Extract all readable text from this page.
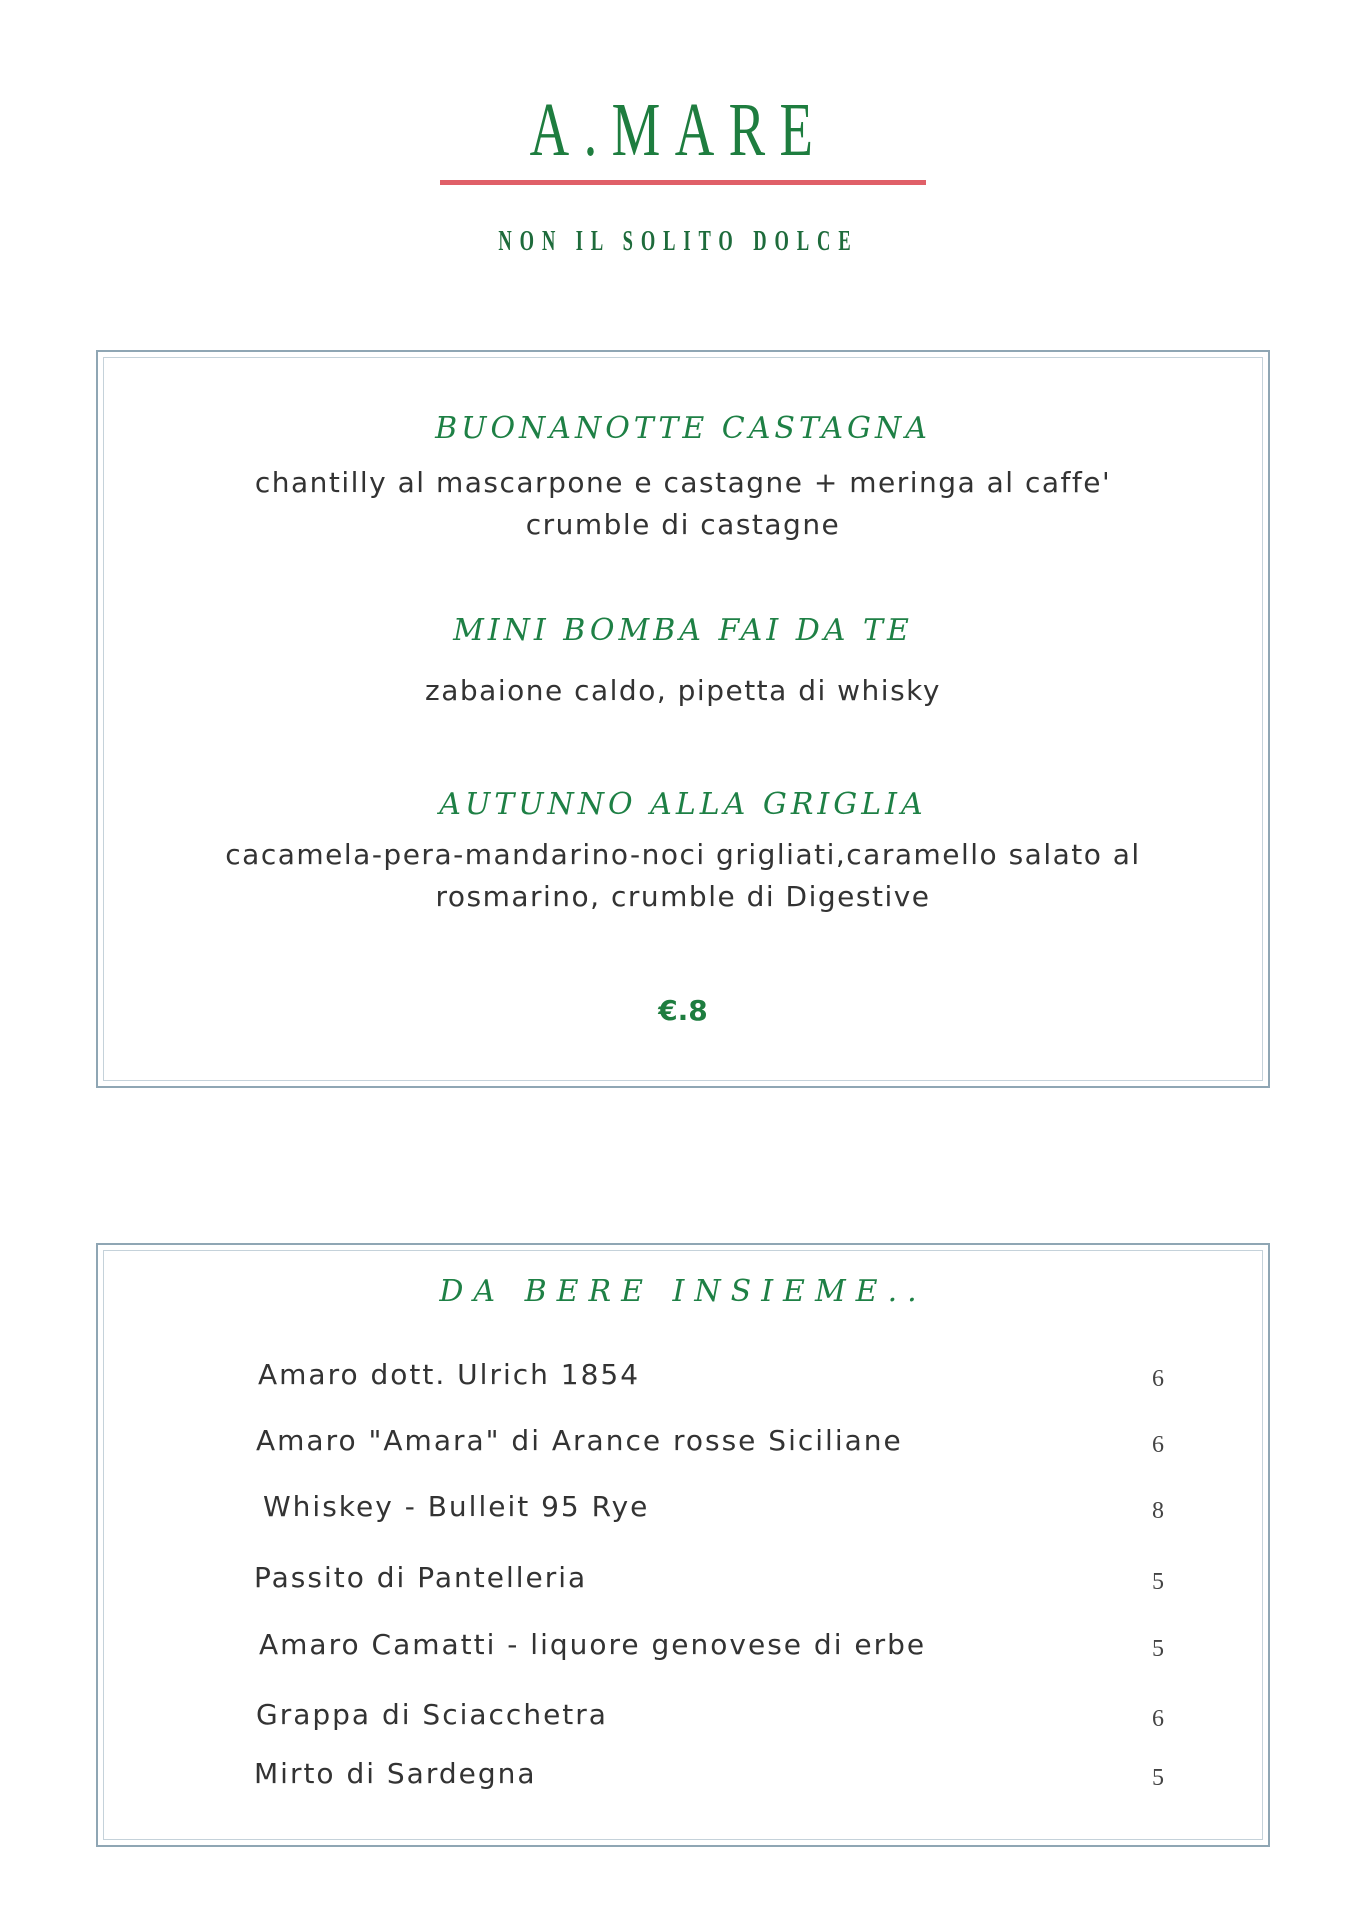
A.MARE
NON IL SOLITO DOLCE
BUONANOTTE CASTAGNA
chantilly al mascarpone e castagne + meringa al caffe'
crumble di castagne
MINI BOMBA FAI DA TE
zabaione caldo, pipetta di whisky
AUTUNNO ALLA GRIGLIA
cacamela-pera-mandarino-noci grigliati,caramello salato al
rosmarino, crumble di Digestive
€.8
DA BERE INSIEME..
Amaro dott. Ulrich 1854	6
Amaro "Amara" di Arance rosse Siciliane	6
Whiskey - Bulleit 95 Rye	8
Passito di Pantelleria	5
Amaro Camatti - liquore genovese di erbe	5
Grappa di Sciacchetra	6
Mirto di Sardegna	5
